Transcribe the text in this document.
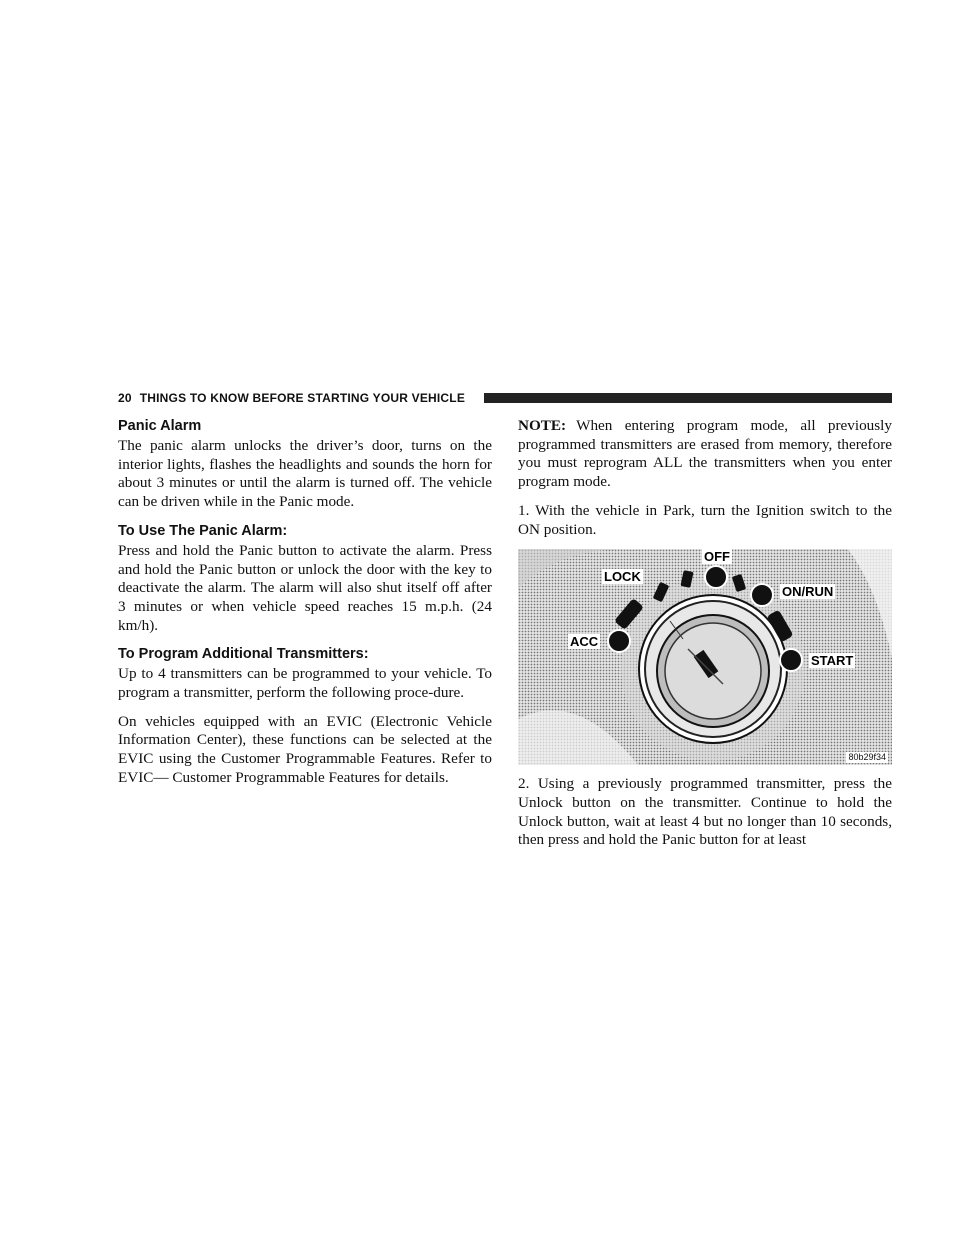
20 THINGS TO KNOW BEFORE STARTING YOUR VEHICLE
Panic Alarm

The panic alarm unlocks the driver’s door, turns on the interior lights, flashes the headlights and sounds the horn for about 3 minutes or until the alarm is turned off. The vehicle can be driven while in the Panic mode.

To Use The Panic Alarm:

Press and hold the Panic button to activate the alarm. Press and hold the Panic button or unlock the door with the key to deactivate the alarm. The alarm will also shut itself off after 3 minutes or when vehicle speed reaches 15 m.p.h. (24 km/h).

To Program Additional Transmitters:

Up to 4 transmitters can be programmed to your vehicle. To program a transmitter, perform the following proce-dure.

On vehicles equipped with an EVIC (Electronic Vehicle Information Center), these functions can be selected at the EVIC using the Customer Programmable Features. Refer to EVIC— Customer Programmable Features for details.

NOTE: When entering program mode, all previously programmed transmitters are erased from memory, therefore you must reprogram ALL the transmitters when you enter program mode.

1. With the vehicle in Park, turn the Ignition switch to the ON position.

OFF
LOCK
ON/RUN
ACC
START
80b29f34

2. Using a previously programmed transmitter, press the Unlock button on the transmitter. Continue to hold the Unlock button, wait at least 4 but no longer than 10 seconds, then press and hold the Panic button for at least
